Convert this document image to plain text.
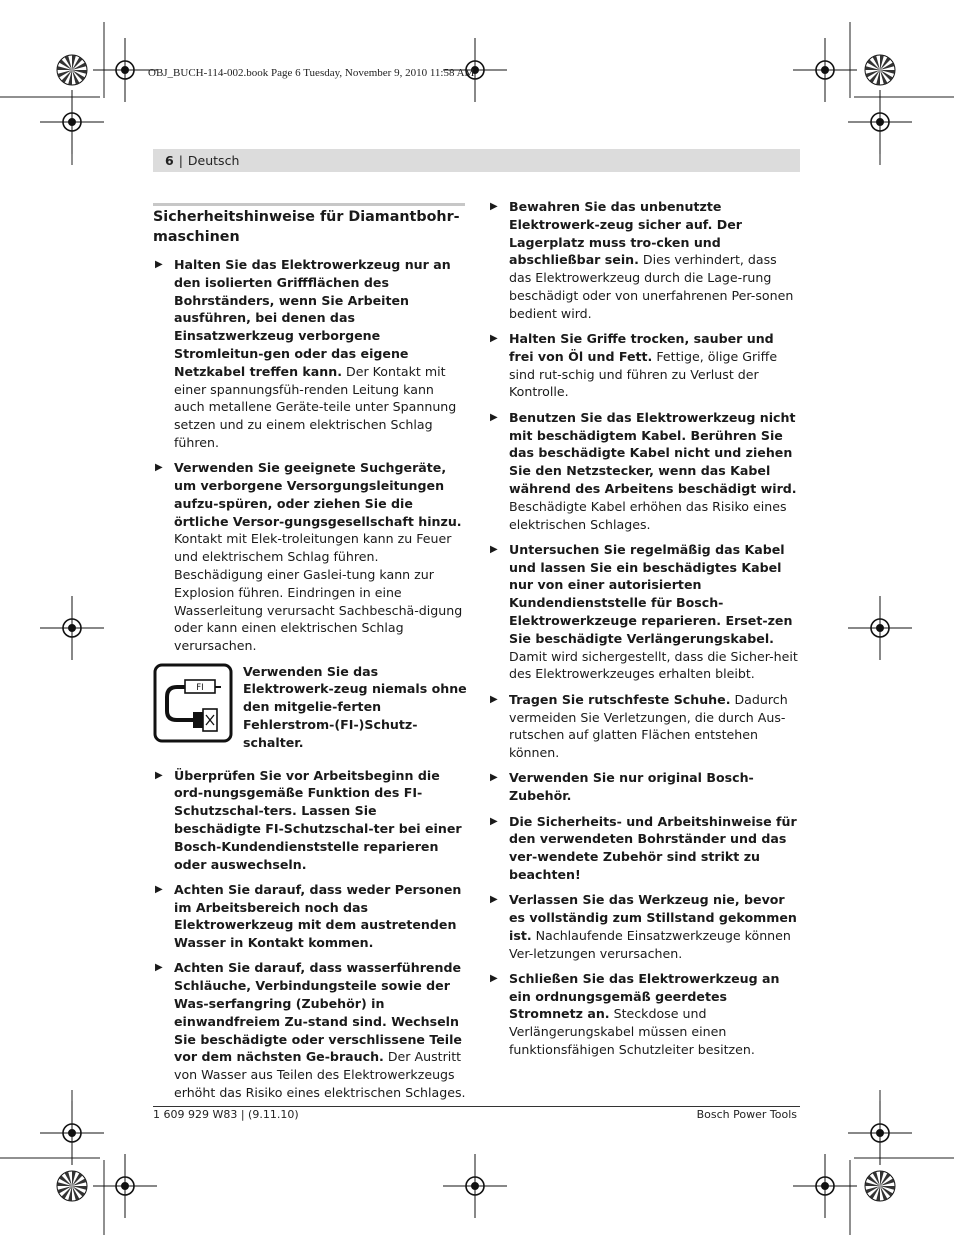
OBJ_BUCH-114-002.book Page 6 Tuesday, November 9, 2010 11:58 AM
6 | Deutsch
Sicherheitshinweise für Diamantbohr-maschinen
▶ Halten Sie das Elektrowerkzeug nur an den isolierten Griffflächen des Bohrständers, wenn Sie Arbeiten ausführen, bei denen das Einsatzwerkzeug verborgene Stromleitun-gen oder das eigene Netzkabel treffen kann. Der Kontakt mit einer spannungsfüh-renden Leitung kann auch metallene Geräte-teile unter Spannung setzen und zu einem elektrischen Schlag führen.
▶ Verwenden Sie geeignete Suchgeräte, um verborgene Versorgungsleitungen aufzu-spüren, oder ziehen Sie die örtliche Versor-gungsgesellschaft hinzu. Kontakt mit Elek-troleitungen kann zu Feuer und elektrischem Schlag führen. Beschädigung einer Gaslei-tung kann zur Explosion führen. Eindringen in eine Wasserleitung verursacht Sachbeschä-digung oder kann einen elektrischen Schlag verursachen.
FI
Verwenden Sie das Elektrowerk-zeug niemals ohne den mitgelie-ferten Fehlerstrom-(FI-)Schutz-schalter.
▶ Überprüfen Sie vor Arbeitsbeginn die ord-nungsgemäße Funktion des FI-Schutzschal-ters. Lassen Sie beschädigte FI-Schutzschal-ter bei einer Bosch-Kundendienststelle reparieren oder auswechseln.
▶ Achten Sie darauf, dass weder Personen im Arbeitsbereich noch das Elektrowerkzeug mit dem austretenden Wasser in Kontakt kommen.
▶ Achten Sie darauf, dass wasserführende Schläuche, Verbindungsteile sowie der Was-serfangring (Zubehör) in einwandfreiem Zu-stand sind. Wechseln Sie beschädigte oder verschlissene Teile vor dem nächsten Ge-brauch. Der Austritt von Wasser aus Teilen des Elektrowerkzeugs erhöht das Risiko eines elektrischen Schlages.
▶ Bewahren Sie das unbenutzte Elektrowerk-zeug sicher auf. Der Lagerplatz muss tro-cken und abschließbar sein. Dies verhindert, dass das Elektrowerkzeug durch die Lage-rung beschädigt oder von unerfahrenen Per-sonen bedient wird.
▶ Halten Sie Griffe trocken, sauber und frei von Öl und Fett. Fettige, ölige Griffe sind rut-schig und führen zu Verlust der Kontrolle.
▶ Benutzen Sie das Elektrowerkzeug nicht mit beschädigtem Kabel. Berühren Sie das beschädigte Kabel nicht und ziehen Sie den Netzstecker, wenn das Kabel während des Arbeitens beschädigt wird. Beschädigte Kabel erhöhen das Risiko eines elektrischen Schlages.
▶ Untersuchen Sie regelmäßig das Kabel und lassen Sie ein beschädigtes Kabel nur von einer autorisierten Kundendienststelle für Bosch-Elektrowerkzeuge reparieren. Erset-zen Sie beschädigte Verlängerungskabel. Damit wird sichergestellt, dass die Sicher-heit des Elektrowerkzeuges erhalten bleibt.
▶ Tragen Sie rutschfeste Schuhe. Dadurch vermeiden Sie Verletzungen, die durch Aus-rutschen auf glatten Flächen entstehen können.
▶ Verwenden Sie nur original Bosch-Zubehör.
▶ Die Sicherheits- und Arbeitshinweise für den verwendeten Bohrständer und das ver-wendete Zubehör sind strikt zu beachten!
▶ Verlassen Sie das Werkzeug nie, bevor es vollständig zum Stillstand gekommen ist. Nachlaufende Einsatzwerkzeuge können Ver-letzungen verursachen.
▶ Schließen Sie das Elektrowerkzeug an ein ordnungsgemäß geerdetes Stromnetz an. Steckdose und Verlängerungskabel müssen einen funktionsfähigen Schutzleiter besitzen.
1 609 929 W83 | (9.11.10)	Bosch Power Tools
